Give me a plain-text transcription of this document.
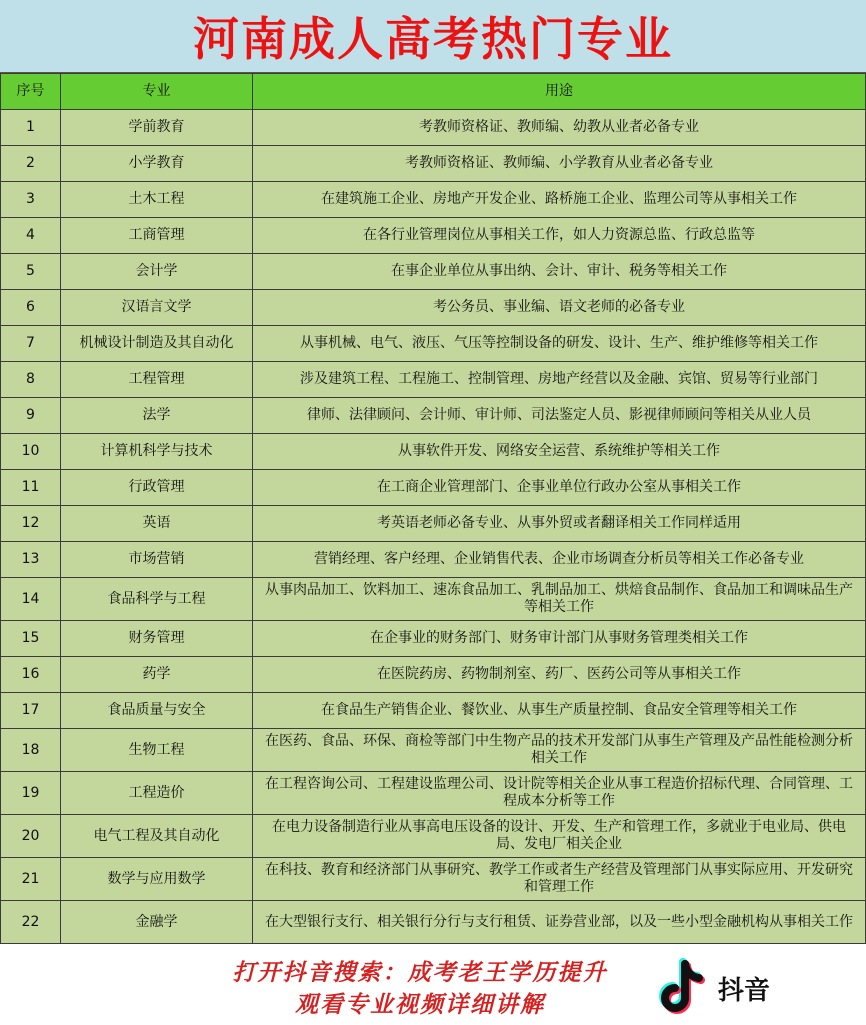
河南成人高考热门专业
序号	专业	用途
1	学前教育	考教师资格证、教师编、幼教从业者必备专业
2	小学教育	考教师资格证、教师编、小学教育从业者必备专业
3	土木工程	在建筑施工企业、房地产开发企业、路桥施工企业、监理公司等从事相关工作
4	工商管理	在各行业管理岗位从事相关工作，如人力资源总监、行政总监等
5	会计学	在事企业单位从事出纳、会计、审计、税务等相关工作
6	汉语言文学	考公务员、事业编、语文老师的必备专业
7	机械设计制造及其自动化	从事机械、电气、液压、气压等控制设备的研发、设计、生产、维护维修等相关工作
8	工程管理	涉及建筑工程、工程施工、控制管理、房地产经营以及金融、宾馆、贸易等行业部门
9	法学	律师、法律顾问、会计师、审计师、司法鉴定人员、影视律师顾问等相关从业人员
10	计算机科学与技术	从事软件开发、网络安全运营、系统维护等相关工作
11	行政管理	在工商企业管理部门、企事业单位行政办公室从事相关工作
12	英语	考英语老师必备专业、从事外贸或者翻译相关工作同样适用
13	市场营销	营销经理、客户经理、企业销售代表、企业市场调查分析员等相关工作必备专业
14	食品科学与工程	从事肉品加工、饮料加工、速冻食品加工、乳制品加工、烘焙食品制作、食品加工和调味品生产等相关工作
15	财务管理	在企事业的财务部门、财务审计部门从事财务管理类相关工作
16	药学	在医院药房、药物制剂室、药厂、医药公司等从事相关工作
17	食品质量与安全	在食品生产销售企业、餐饮业、从事生产质量控制、食品安全管理等相关工作
18	生物工程	在医药、食品、环保、商检等部门中生物产品的技术开发部门从事生产管理及产品性能检测分析相关工作
19	工程造价	在工程咨询公司、工程建设监理公司、设计院等相关企业从事工程造价招标代理、合同管理、工程成本分析等工作
20	电气工程及其自动化	在电力设备制造行业从事高电压设备的设计、开发、生产和管理工作，多就业于电业局、供电局、发电厂相关企业
21	数学与应用数学	在科技、教育和经济部门从事研究、教学工作或者生产经营及管理部门从事实际应用、开发研究和管理工作
22	金融学	在大型银行支行、相关银行分行与支行租赁、证券营业部，以及一些小型金融机构从事相关工作
打开抖音搜索：成考老王学历提升
观看专业视频详细讲解	抖音
